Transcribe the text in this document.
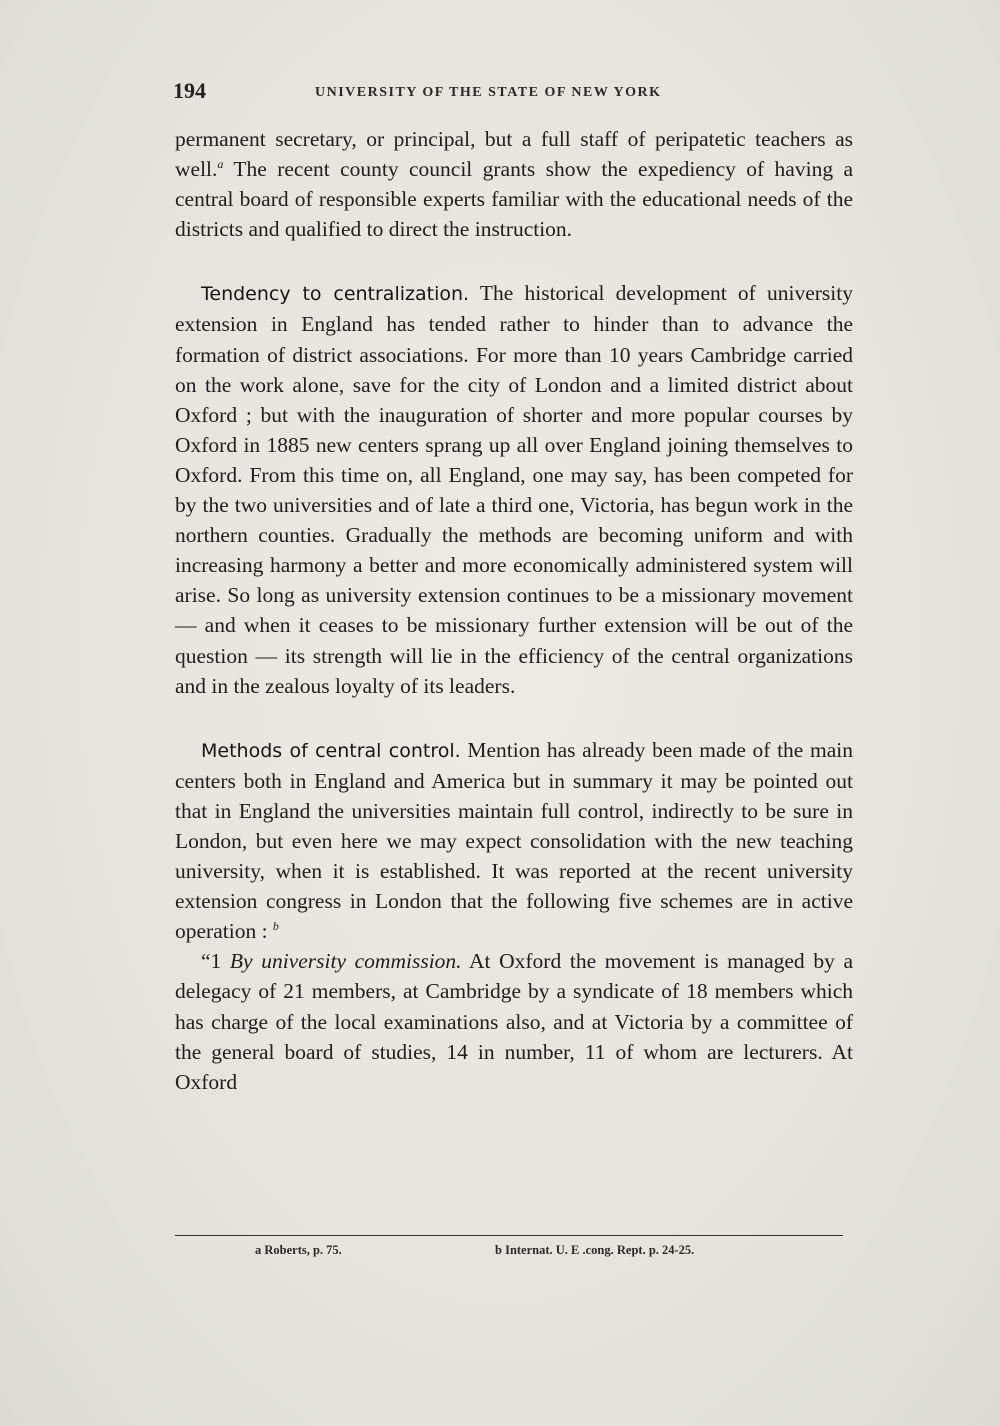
194	UNIVERSITY OF THE STATE OF NEW YORK

permanent secretary, or principal, but a full staff of peripatetic teachers as well.$^a$ The recent county council grants show the expediency of having a central board of responsible experts familiar with the educational needs of the districts and qualified to direct the instruction.

Tendency to centralization. The historical development of university extension in England has tended rather to hinder than to advance the formation of district associations. For more than 10 years Cambridge carried on the work alone, save for the city of London and a limited district about Oxford ; but with the inauguration of shorter and more popular courses by Oxford in 1885 new centers sprang up all over England joining themselves to Oxford. From this time on, all England, one may say, has been competed for by the two universities and of late a third one, Victoria, has begun work in the northern counties. Gradually the methods are becoming uniform and with increasing harmony a better and more economically administered system will arise. So long as university extension continues to be a missionary movement — and when it ceases to be missionary further extension will be out of the question — its strength will lie in the efficiency of the central organizations and in the zealous loyalty of its leaders.

Methods of central control. Mention has already been made of the main centers both in England and America but in summary it may be pointed out that in England the universities maintain full control, indirectly to be sure in London, but even here we may expect consolidation with the new teaching university, when it is established. It was reported at the recent university extension congress in London that the following five schemes are in active operation : $^b$

“1 By university commission. At Oxford the movement is managed by a delegacy of 21 members, at Cambridge by a syndicate of 18 members which has charge of the local examinations also, and at Victoria by a committee of the general board of studies, 14 in number, 11 of whom are lecturers. At Oxford

a Roberts, p. 75.	b Internat. U. E .cong. Rept. p. 24-25.
